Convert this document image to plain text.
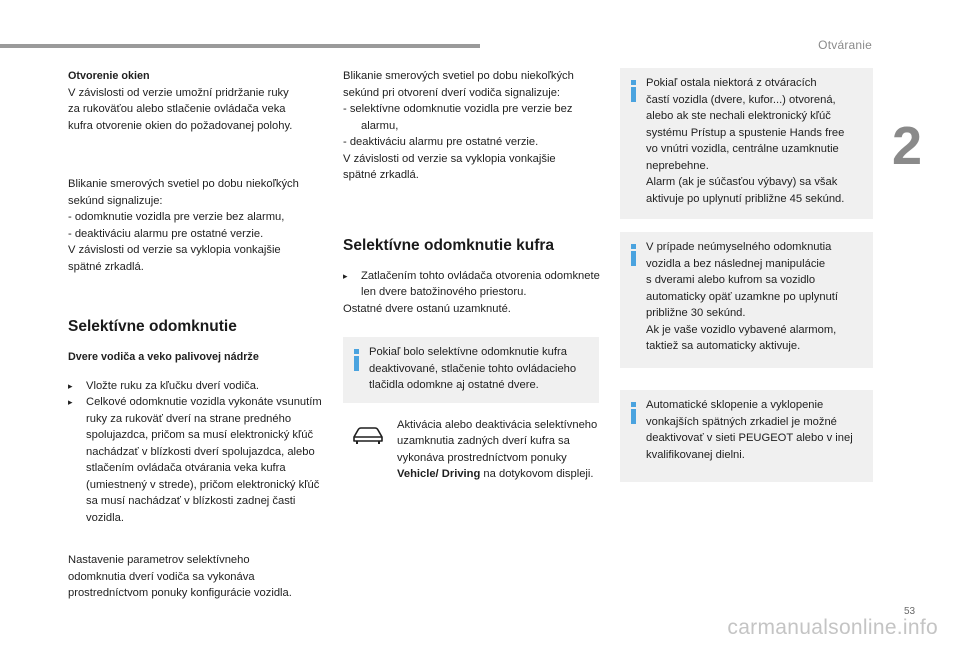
Otváranie
2
Otvorenie okien
V závislosti od verzie umožní pridržanie ruky
za rukoväťou alebo stlačenie ovládača veka
kufra otvorenie okien do požadovanej polohy.
Blikanie smerových svetiel po dobu niekoľkých
sekúnd signalizuje:
- odomknutie vozidla pre verzie bez alarmu,
- deaktiváciu alarmu pre ostatné verzie.
V závislosti od verzie sa vyklopia vonkajšie
spätné zrkadlá.
Selektívne odomknutie
Dvere vodiča a veko palivovej nádrže
▸ Vložte ruku za kľučku dverí vodiča.
▸ Celkové odomknutie vozidla vykonáte vsunutím ruky za rukoväť dverí na strane predného spolujazdca, pričom sa musí elektronický kľúč nachádzať v blízkosti dverí spolujazdca, alebo stlačením ovládača otvárania veka kufra (umiestnený v strede), pričom elektronický kľúč sa musí nachádzať v blízkosti zadnej časti vozidla.
Nastavenie parametrov selektívneho
odomknutia dverí vodiča sa vykonáva
prostredníctvom ponuky konfigurácie vozidla.
Blikanie smerových svetiel po dobu niekoľkých
sekúnd pri otvorení dverí vodiča signalizuje:
- selektívne odomknutie vozidla pre verzie bez alarmu,
- deaktiváciu alarmu pre ostatné verzie.
V závislosti od verzie sa vyklopia vonkajšie
spätné zrkadlá.
Selektívne odomknutie kufra
▸ Zatlačením tohto ovládača otvorenia odomknete len dvere batožinového priestoru.
Ostatné dvere ostanú uzamknuté.
Pokiaľ bolo selektívne odomknutie kufra deaktivované, stlačenie tohto ovládacieho tlačidla odomkne aj ostatné dvere.
Aktivácia alebo deaktivácia selektívneho uzamknutia zadných dverí kufra sa vykonáva prostredníctvom ponuky Vehicle/ Driving na dotykovom displeji.
Pokiaľ ostala niektorá z otváracích
častí vozidla (dvere, kufor...) otvorená,
alebo ak ste nechali elektronický kľúč
systému Prístup a spustenie Hands free
vo vnútri vozidla, centrálne uzamknutie
neprebehne.
Alarm (ak je súčasťou výbavy) sa však
aktivuje po uplynutí približne 45 sekúnd.
V prípade neúmyselného odomknutia
vozidla a bez následnej manipulácie
s dverami alebo kufrom sa vozidlo
automaticky opäť uzamkne po uplynutí
približne 30 sekúnd.
Ak je vaše vozidlo vybavené alarmom,
taktiež sa automaticky aktivuje.
Automatické sklopenie a vyklopenie
vonkajších spätných zrkadiel je možné
deaktivovať v sieti PEUGEOT alebo v inej
kvalifikovanej dielni.
53
carmanualsonline.info
